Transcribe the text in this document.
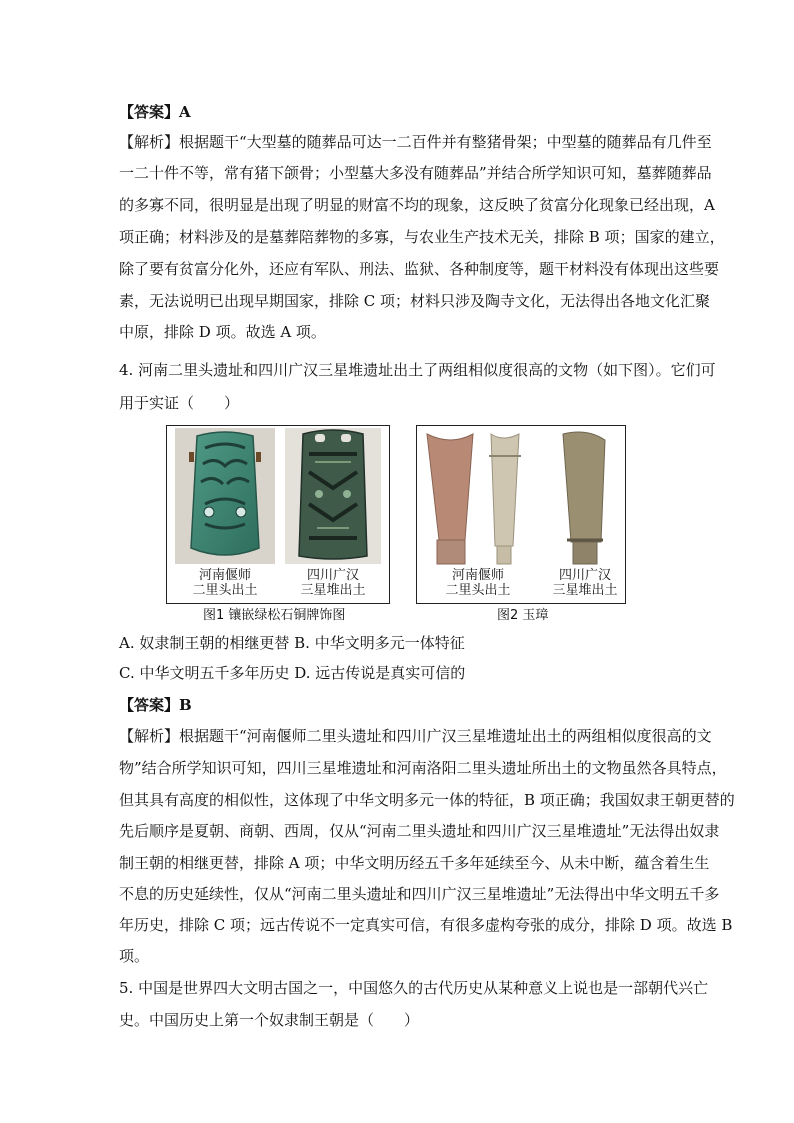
【答案】A
【解析】根据题干“大型墓的随葬品可达一二百件并有整猪骨架；中型墓的随葬品有几件至
一二十件不等，常有猪下颌骨；小型墓大多没有随葬品”并结合所学知识可知，墓葬随葬品
的多寡不同，很明显是出现了明显的财富不均的现象，这反映了贫富分化现象已经出现，A
项正确；材料涉及的是墓葬陪葬物的多寡，与农业生产技术无关，排除 B 项；国家的建立，
除了要有贫富分化外，还应有军队、刑法、监狱、各种制度等，题干材料没有体现出这些要
素，无法说明已出现早期国家，排除 C 项；材料只涉及陶寺文化，无法得出各地文化汇聚
中原，排除 D 项。故选 A 项。
4. 河南二里头遗址和四川广汉三星堆遗址出土了两组相似度很高的文物（如下图）。它们可
用于实证（　　）
河南偃师
二里头出土
四川广汉
三星堆出土
图1 镶嵌绿松石铜牌饰图
河南偃师
二里头出土
四川广汉
三星堆出土
图2 玉璋
A. 奴隶制王朝的相继更替 B. 中华文明多元一体特征
C. 中华文明五千多年历史 D. 远古传说是真实可信的
【答案】B
【解析】根据题干“河南偃师二里头遗址和四川广汉三星堆遗址出土的两组相似度很高的文
物”结合所学知识可知，四川三星堆遗址和河南洛阳二里头遗址所出土的文物虽然各具特点，
但其具有高度的相似性，这体现了中华文明多元一体的特征，B 项正确；我国奴隶王朝更替的
先后顺序是夏朝、商朝、西周，仅从“河南二里头遗址和四川广汉三星堆遗址”无法得出奴隶
制王朝的相继更替，排除 A 项；中华文明历经五千多年延续至今、从未中断，蕴含着生生
不息的历史延续性，仅从“河南二里头遗址和四川广汉三星堆遗址”无法得出中华文明五千多
年历史，排除 C 项；远古传说不一定真实可信，有很多虚构夸张的成分，排除 D 项。故选 B
项。
5. 中国是世界四大文明古国之一，中国悠久的古代历史从某种意义上说也是一部朝代兴亡
史。中国历史上第一个奴隶制王朝是（　　）
